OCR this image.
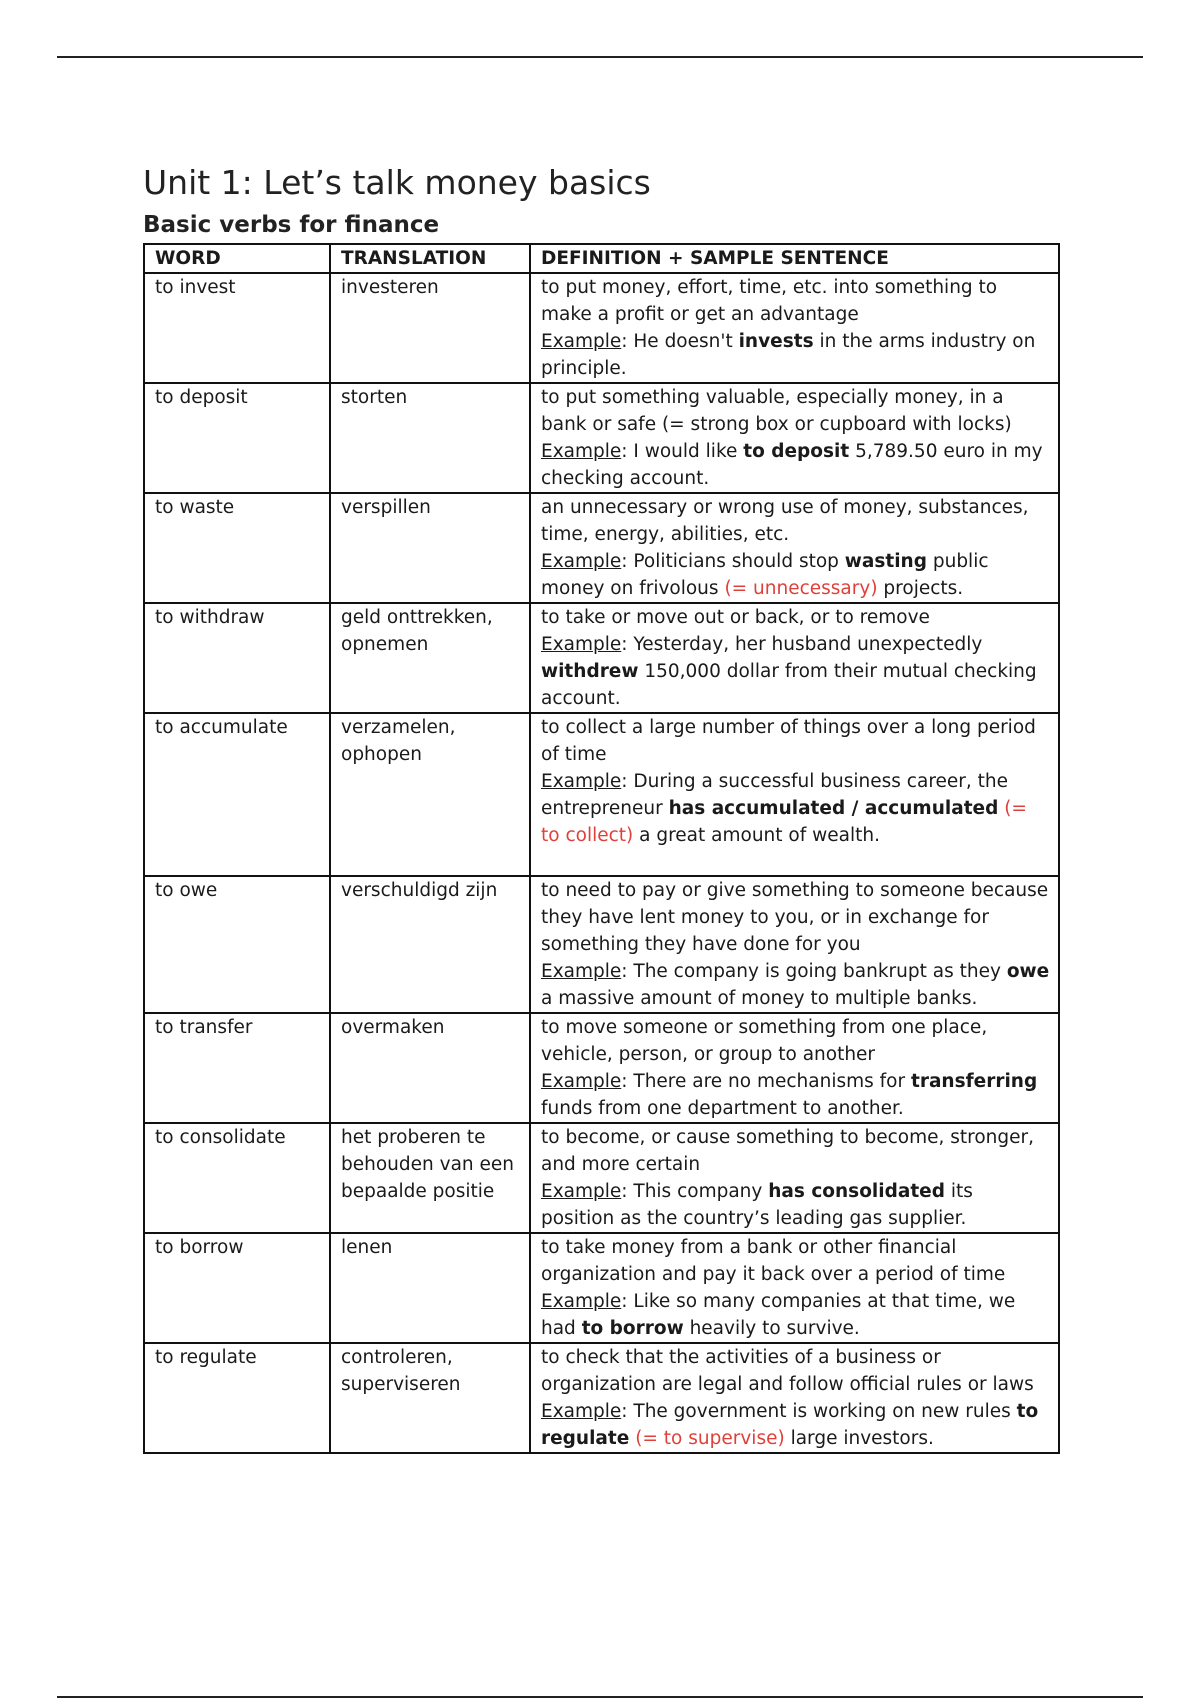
Unit 1: Let’s talk money basics
Basic verbs for finance
WORD	TRANSLATION	DEFINITION + SAMPLE SENTENCE
to invest	investeren	to put money, effort, time, etc. into something to make a profit or get an advantage
Example: He doesn't invests in the arms industry on principle.

to deposit	storten	to put something valuable, especially money, in a bank or safe (= strong box or cupboard with locks)
Example: I would like to deposit 5,789.50 euro in my checking account.

to waste	verspillen	an unnecessary or wrong use of money, substances, time, energy, abilities, etc.
Example: Politicians should stop wasting public money on frivolous (= unnecessary) projects.

to withdraw	geld onttrekken, opnemen	to take or move out or back, or to remove
Example: Yesterday, her husband unexpectedly withdrew 150,000 dollar from their mutual checking account.

to accumulate	verzamelen, ophopen	to collect a large number of things over a long period of time
Example: During a successful business career, the entrepreneur has accumulated / accumulated (= to collect) a great amount of wealth.

to owe	verschuldigd zijn	to need to pay or give something to someone because they have lent money to you, or in exchange for something they have done for you
Example: The company is going bankrupt as they owe a massive amount of money to multiple banks.

to transfer	overmaken	to move someone or something from one place, vehicle, person, or group to another
Example: There are no mechanisms for transferring funds from one department to another.

to consolidate	het proberen te behouden van een bepaalde positie	to become, or cause something to become, stronger, and more certain
Example: This company has consolidated its position as the country’s leading gas supplier.

to borrow	lenen	to take money from a bank or other financial organization and pay it back over a period of time
Example: Like so many companies at that time, we had to borrow heavily to survive.

to regulate	controleren, superviseren	to check that the activities of a business or organization are legal and follow official rules or laws
Example: The government is working on new rules to regulate (= to supervise) large investors.
